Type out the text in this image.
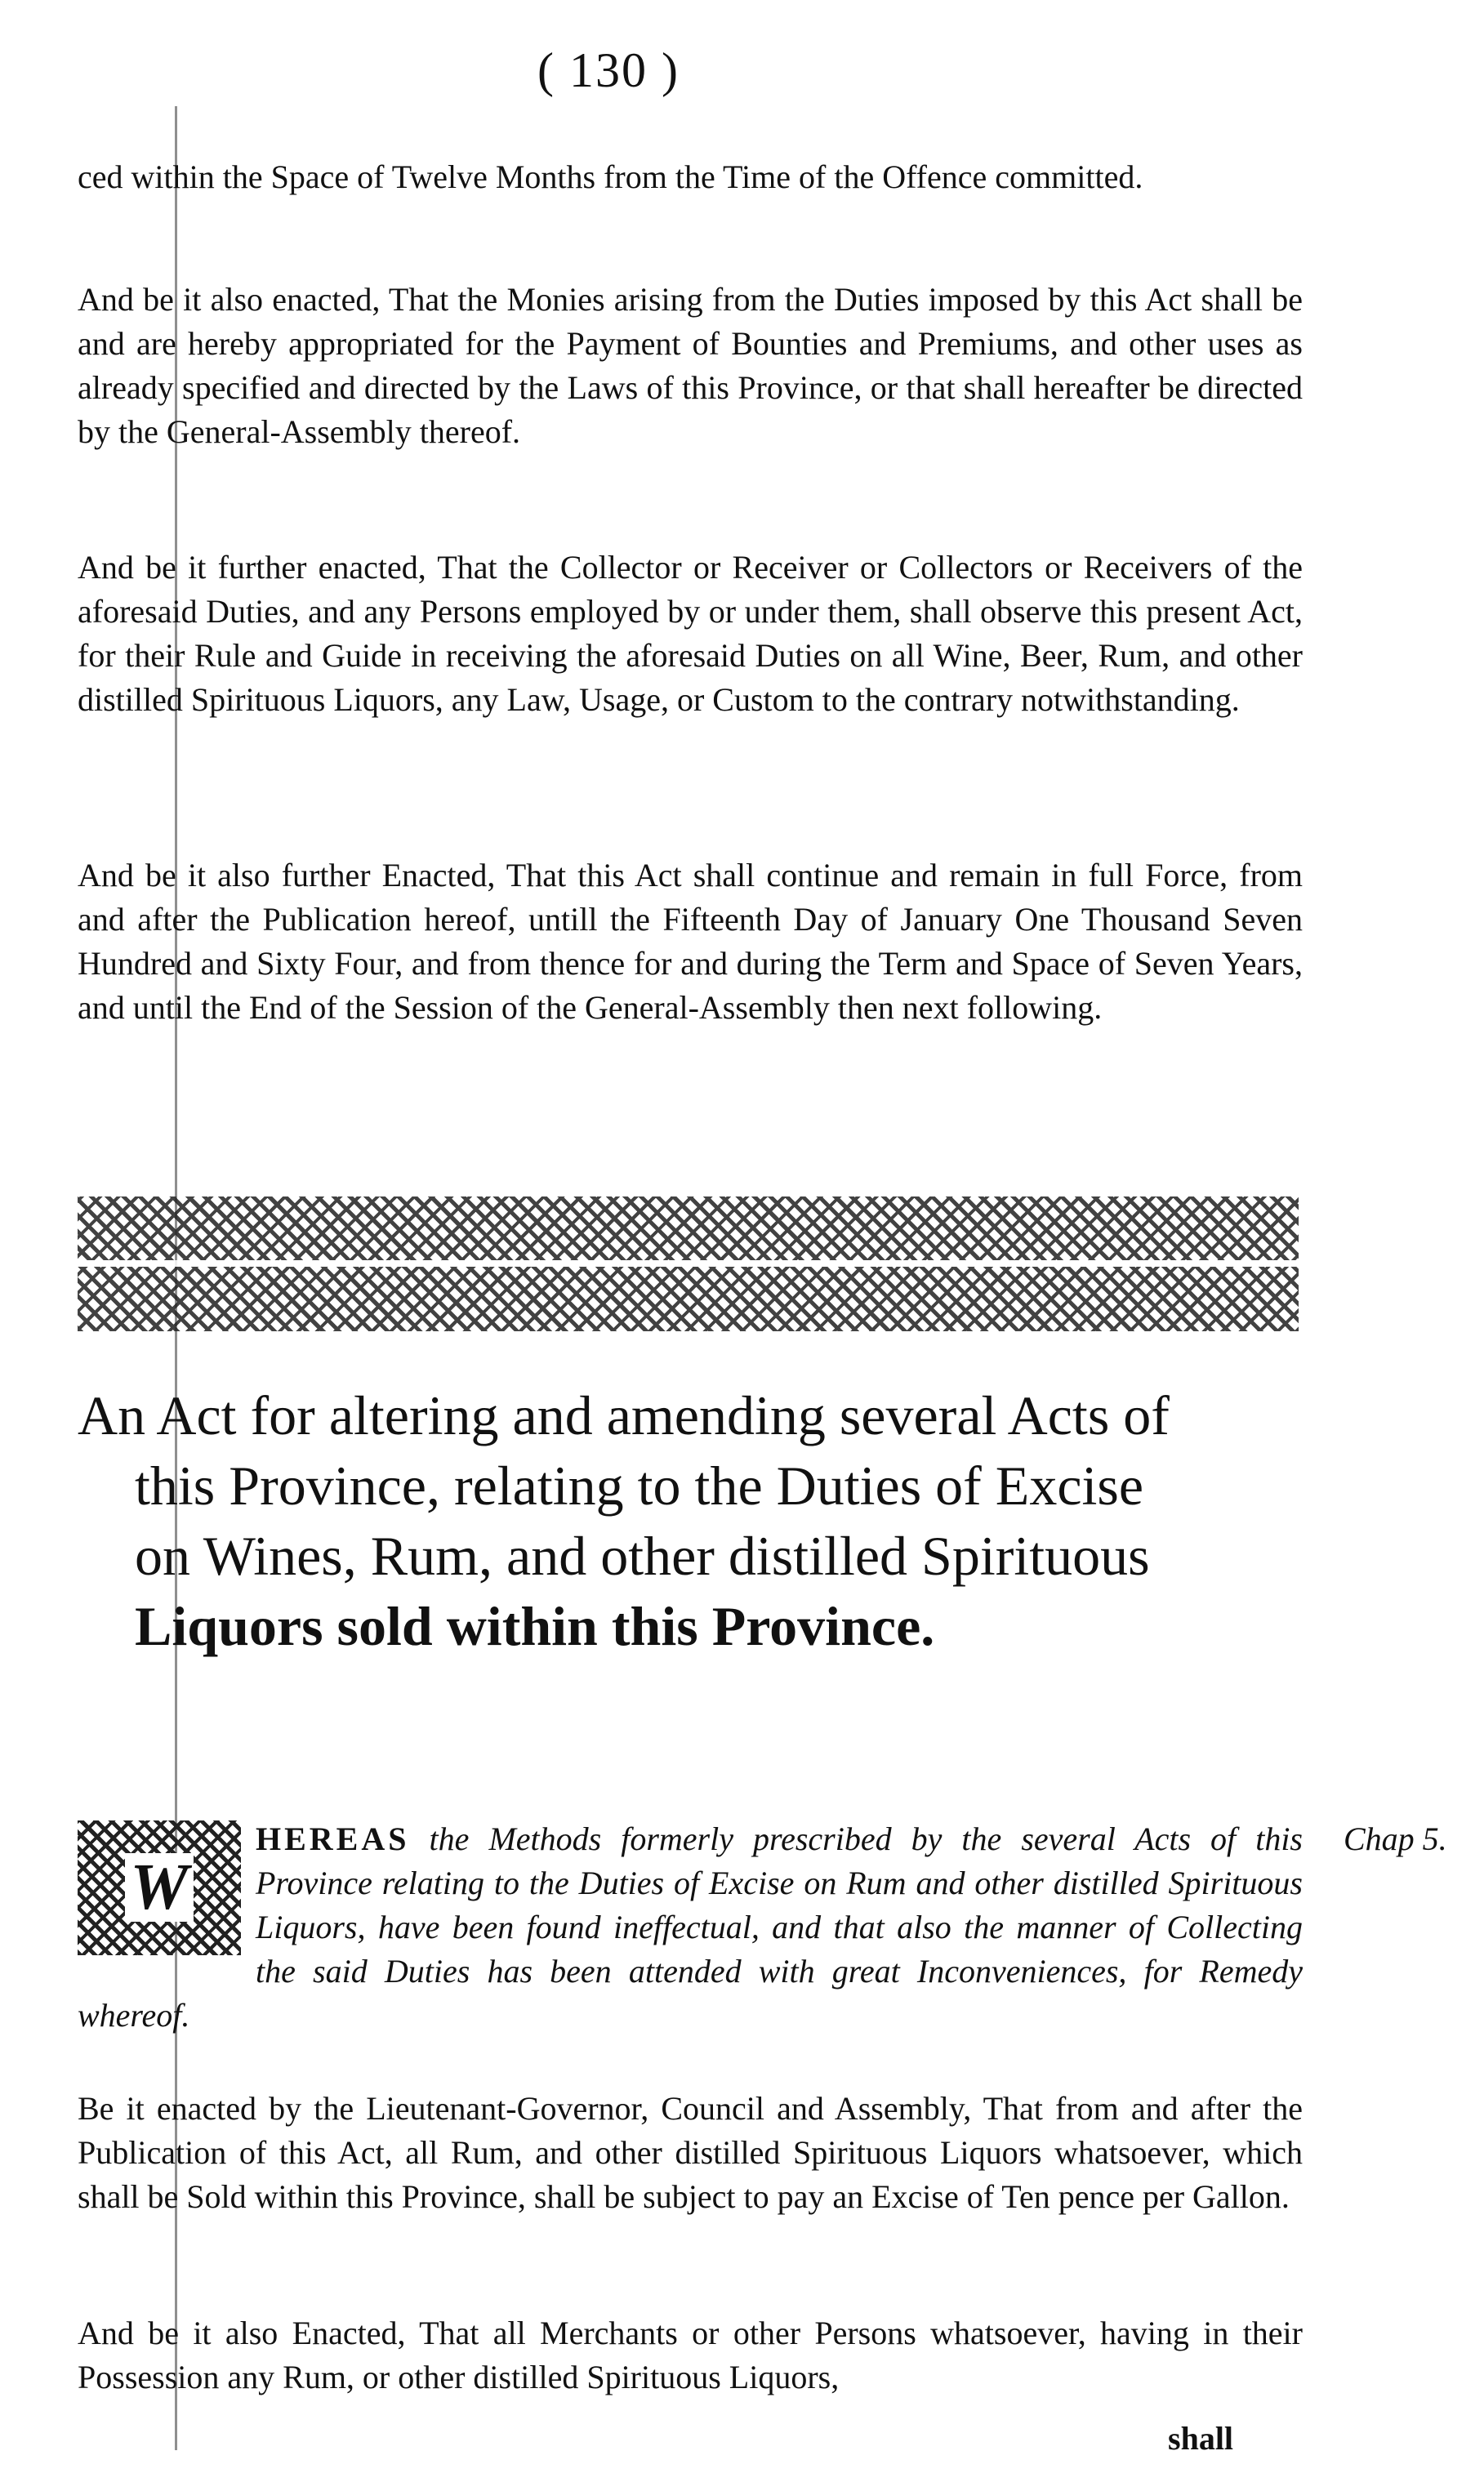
( 130 )

ced within the Space of Twelve Months from the Time of the Offence committed.

And be it also enacted, That the Monies arising from the Duties imposed by this Act shall be and are hereby appropriated for the Payment of Bounties and Premiums, and other uses as already specified and directed by the Laws of this Province, or that shall hereafter be directed by the General-Assembly thereof.

And be it further enacted, That the Collector or Receiver or Collectors or Receivers of the aforesaid Duties, and any Persons employed by or under them, shall observe this present Act, for their Rule and Guide in receiving the aforesaid Duties on all Wine, Beer, Rum, and other distilled Spirituous Liquors, any Law, Usage, or Custom to the contrary notwithstanding.

And be it also further Enacted, That this Act shall continue and remain in full Force, from and after the Publication hereof, untill the Fifteenth Day of January One Thousand Seven Hundred and Sixty Four, and from thence for and during the Term and Space of Seven Years, and until the End of the Session of the General-Assembly then next following.

An Act for altering and amending several Acts of
this Province, relating to the Duties of Excise
on Wines, Rum, and other distilled Spirituous
Liquors sold within this Province.
Chap 5.
W
HEREAS the Methods formerly prescribed by the several Acts of this Province relating to the Duties of Excise on Rum and other distilled Spirituous Liquors, have been found ineffectual, and that also the manner of Collecting the said Duties has been attended with great Inconveniences, for Remedy whereof.

Be it enacted by the Lieutenant-Governor, Council and Assembly, That from and after the Publication of this Act, all Rum, and other distilled Spirituous Liquors whatsoever, which shall be Sold within this Province, shall be subject to pay an Excise of Ten pence per Gallon.

And be it also Enacted, That all Merchants or other Persons whatsoever, having in their Possession any Rum, or other distilled Spirituous Liquors,

shall
